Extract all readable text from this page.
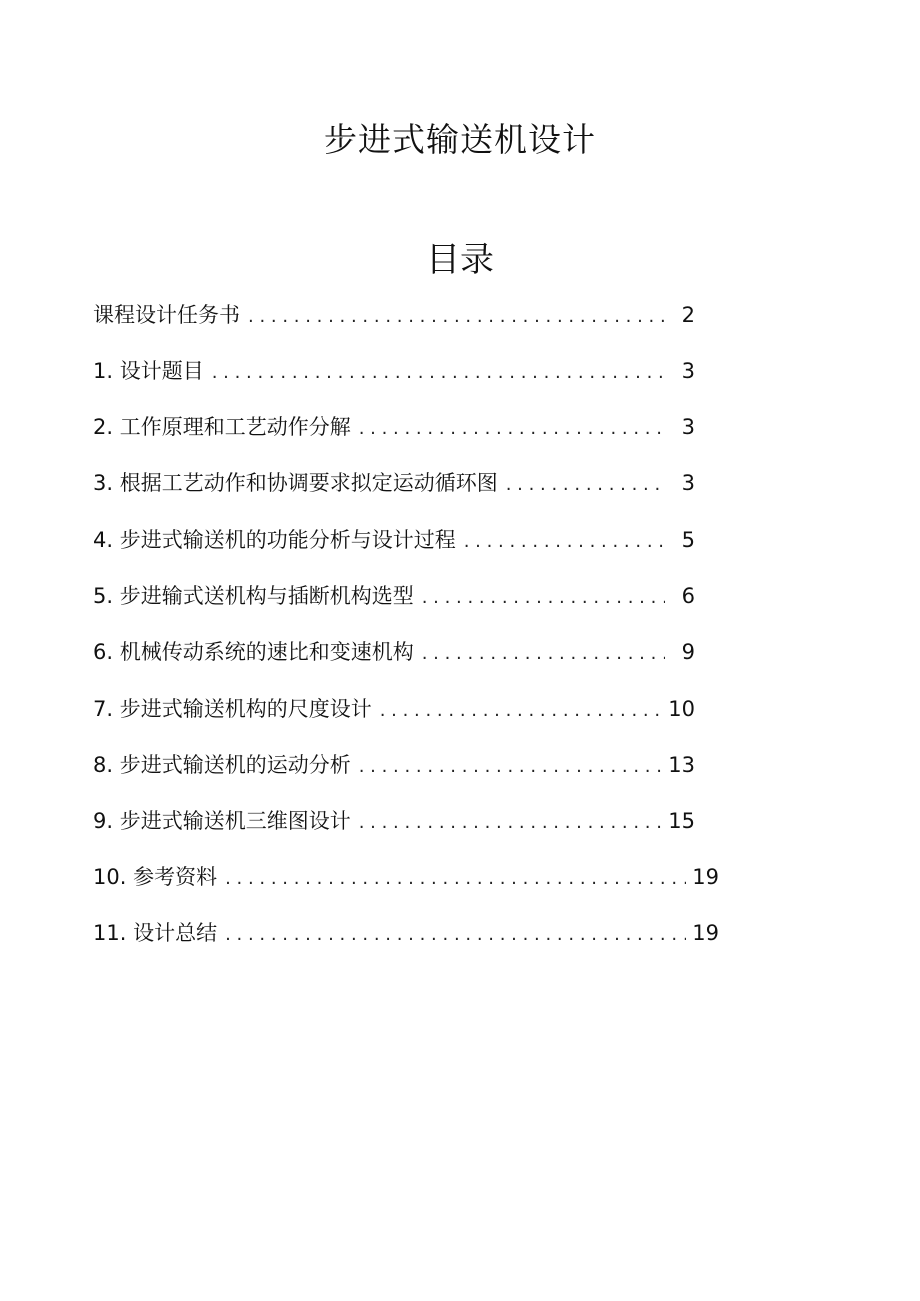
步进式输送机设计
目录
课程设计任务书 . . .	2
1. 设计题目 . . .	3
2. 工作原理和工艺动作分解 . . .	3
3. 根据工艺动作和协调要求拟定运动循环图 . . .	3
4. 步进式输送机的功能分析与设计过程 . . .	5
5. 步进输式送机构与插断机构选型 . . .	6
6. 机械传动系统的速比和变速机构 . . .	9
7. 步进式输送机构的尺度设计 . . .	10
8. 步进式输送机的运动分析 . . .	13
9. 步进式输送机三维图设计 . . .	15
10. 参考资料 . . .	19
11. 设计总结 . . .	19
